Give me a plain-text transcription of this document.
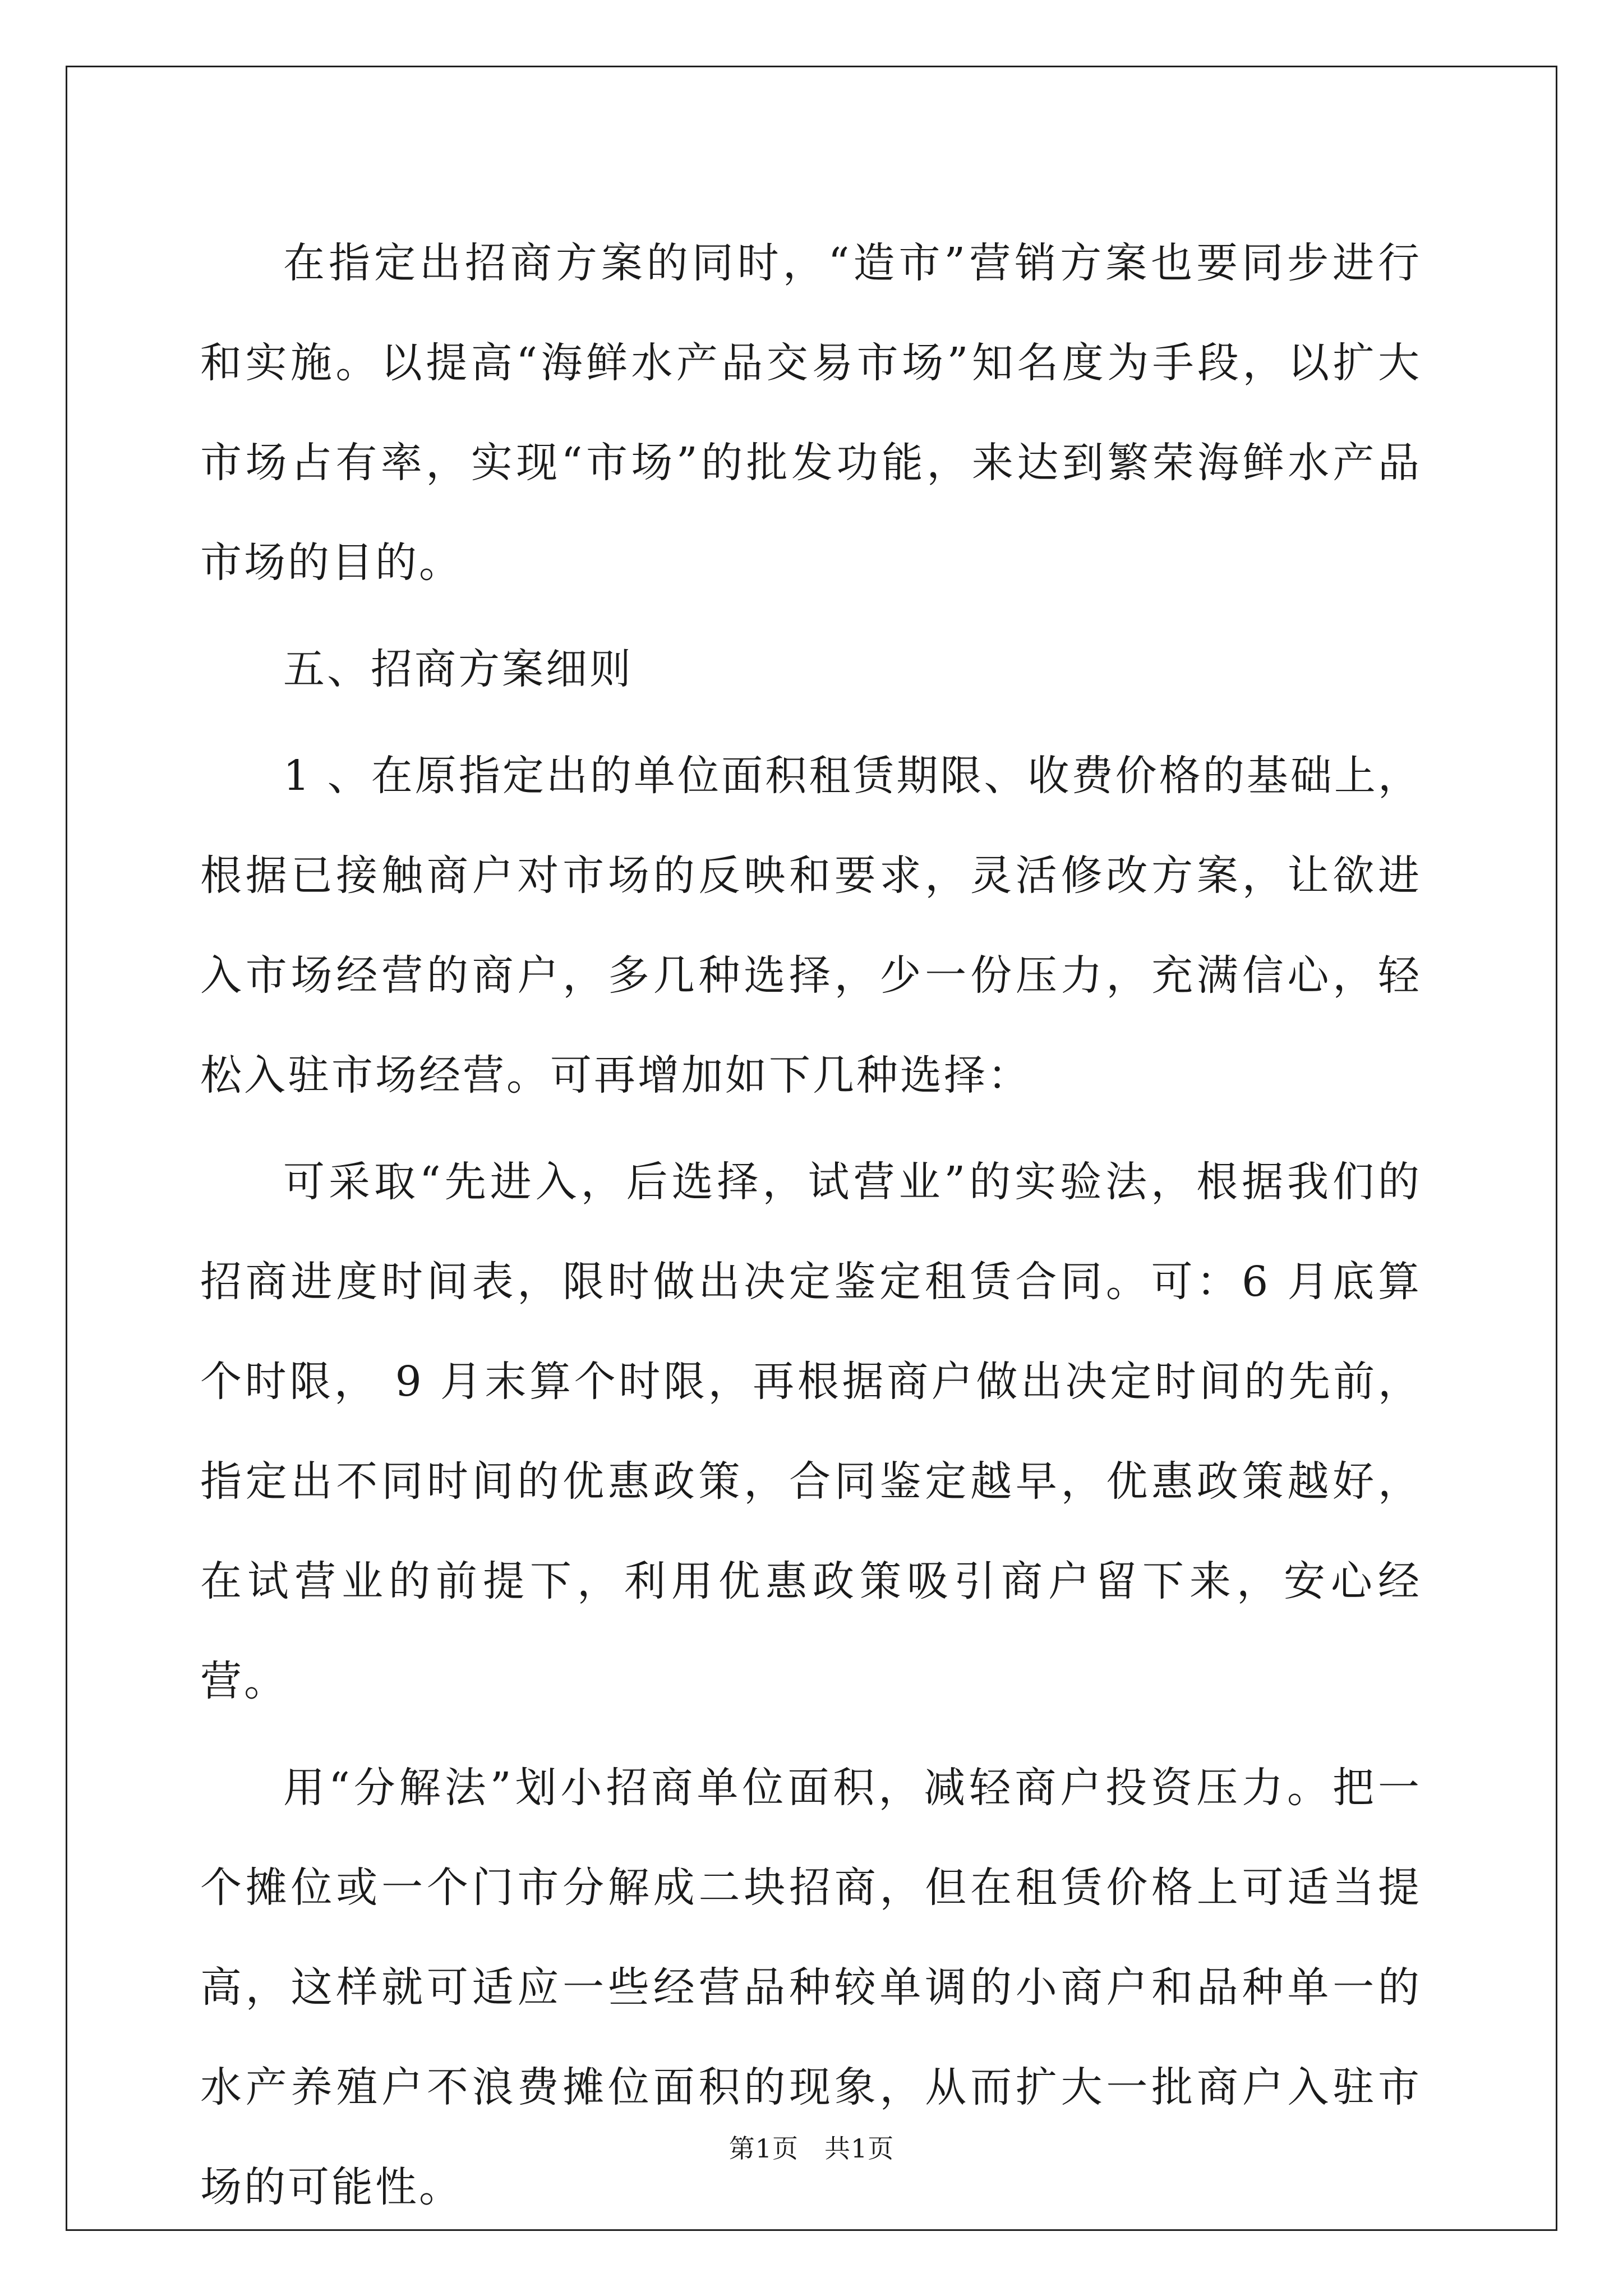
在指定出招商方案的同时，“造市”营销方案也要同步进行和实施。以提高“海鲜水产品交易市场”知名度为手段，以扩大市场占有率，实现“市场”的批发功能，来达到繁荣海鲜水产品市场的目的。

五、招商方案细则

1 、在原指定出的单位面积租赁期限、收费价格的基础上，根据已接触商户对市场的反映和要求，灵活修改方案，让欲进入市场经营的商户，多几种选择，少一份压力，充满信心，轻松入驻市场经营。可再增加如下几种选择：

可采取“先进入，后选择，试营业”的实验法，根据我们的招商进度时间表，限时做出决定鉴定租赁合同。可：6 月底算个时限， 9 月末算个时限，再根据商户做出决定时间的先前，指定出不同时间的优惠政策，合同鉴定越早，优惠政策越好，在试营业的前提下，利用优惠政策吸引商户留下来，安心经营。

用“分解法”划小招商单位面积，减轻商户投资压力。把一个摊位或一个门市分解成二块招商，但在租赁价格上可适当提高，这样就可适应一些经营品种较单调的小商户和品种单一的水产养殖户不浪费摊位面积的现象，从而扩大一批商户入驻市场的可能性。

第1页 共1页
